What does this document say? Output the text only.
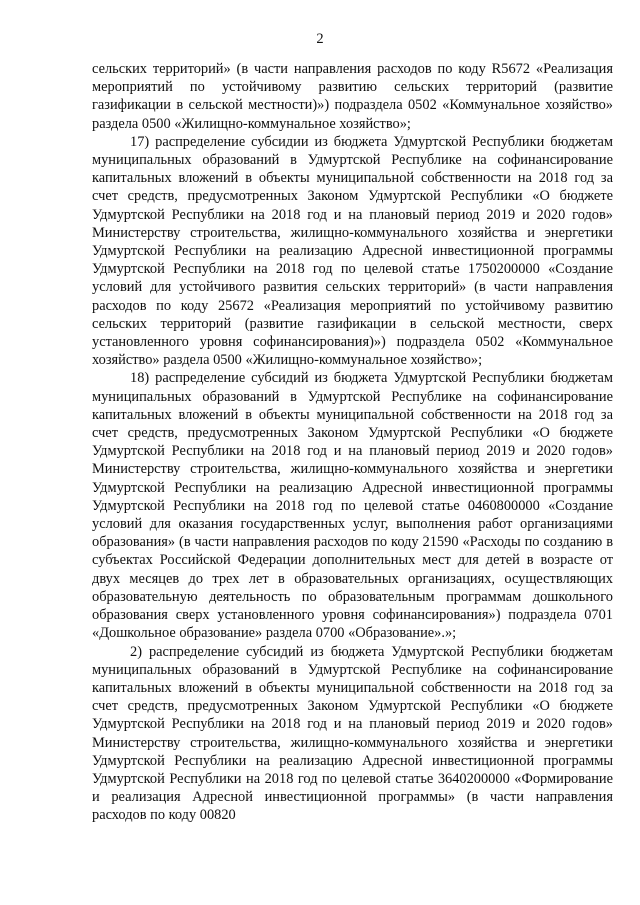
2

сельских территорий» (в части направления расходов по коду R5672 «Реализация мероприятий по устойчивому развитию сельских территорий (развитие газификации в сельской местности)») подраздела 0502 «Коммунальное хозяйство» раздела 0500 «Жилищно-коммунальное хозяйство»;

17) распределение субсидии из бюджета Удмуртской Республики бюджетам муниципальных образований в Удмуртской Республике на софинансирование капитальных вложений в объекты муниципальной собственности на 2018 год за счет средств, предусмотренных Законом Удмуртской Республики «О бюджете Удмуртской Республики на 2018 год и на плановый период 2019 и 2020 годов» Министерству строительства, жилищно-коммунального хозяйства и энергетики Удмуртской Республики на реализацию Адресной инвестиционной программы Удмуртской Республики на 2018 год по целевой статье 1750200000 «Создание условий для устойчивого развития сельских территорий» (в части направления расходов по коду 25672 «Реализация мероприятий по устойчивому развитию сельских территорий (развитие газификации в сельской местности, сверх установленного уровня софинансирования)») подраздела 0502 «Коммунальное хозяйство» раздела 0500 «Жилищно-коммунальное хозяйство»;

18) распределение субсидий из бюджета Удмуртской Республики бюджетам муниципальных образований в Удмуртской Республике на софинансирование капитальных вложений в объекты муниципальной собственности на 2018 год за счет средств, предусмотренных Законом Удмуртской Республики «О бюджете Удмуртской Республики на 2018 год и на плановый период 2019 и 2020 годов» Министерству строительства, жилищно-коммунального хозяйства и энергетики Удмуртской Республики на реализацию Адресной инвестиционной программы Удмуртской Республики на 2018 год по целевой статье 0460800000 «Создание условий для оказания государственных услуг, выполнения работ организациями образования» (в части направления расходов по коду 21590 «Расходы по созданию в субъектах Российской Федерации дополнительных мест для детей в возрасте от двух месяцев до трех лет в образовательных организациях, осуществляющих образовательную деятельность по образовательным программам дошкольного образования сверх установленного уровня софинансирования») подраздела 0701 «Дошкольное образование» раздела 0700 «Образование».»;

2) распределение субсидий из бюджета Удмуртской Республики бюджетам муниципальных образований в Удмуртской Республике на софинансирование капитальных вложений в объекты муниципальной собственности на 2018 год за счет средств, предусмотренных Законом Удмуртской Республики «О бюджете Удмуртской Республики на 2018 год и на плановый период 2019 и 2020 годов» Министерству строительства, жилищно-коммунального хозяйства и энергетики Удмуртской Республики на реализацию Адресной инвестиционной программы Удмуртской Республики на 2018 год по целевой статье 3640200000 «Формирование и реализация Адресной инвестиционной программы» (в части направления расходов по коду 00820
